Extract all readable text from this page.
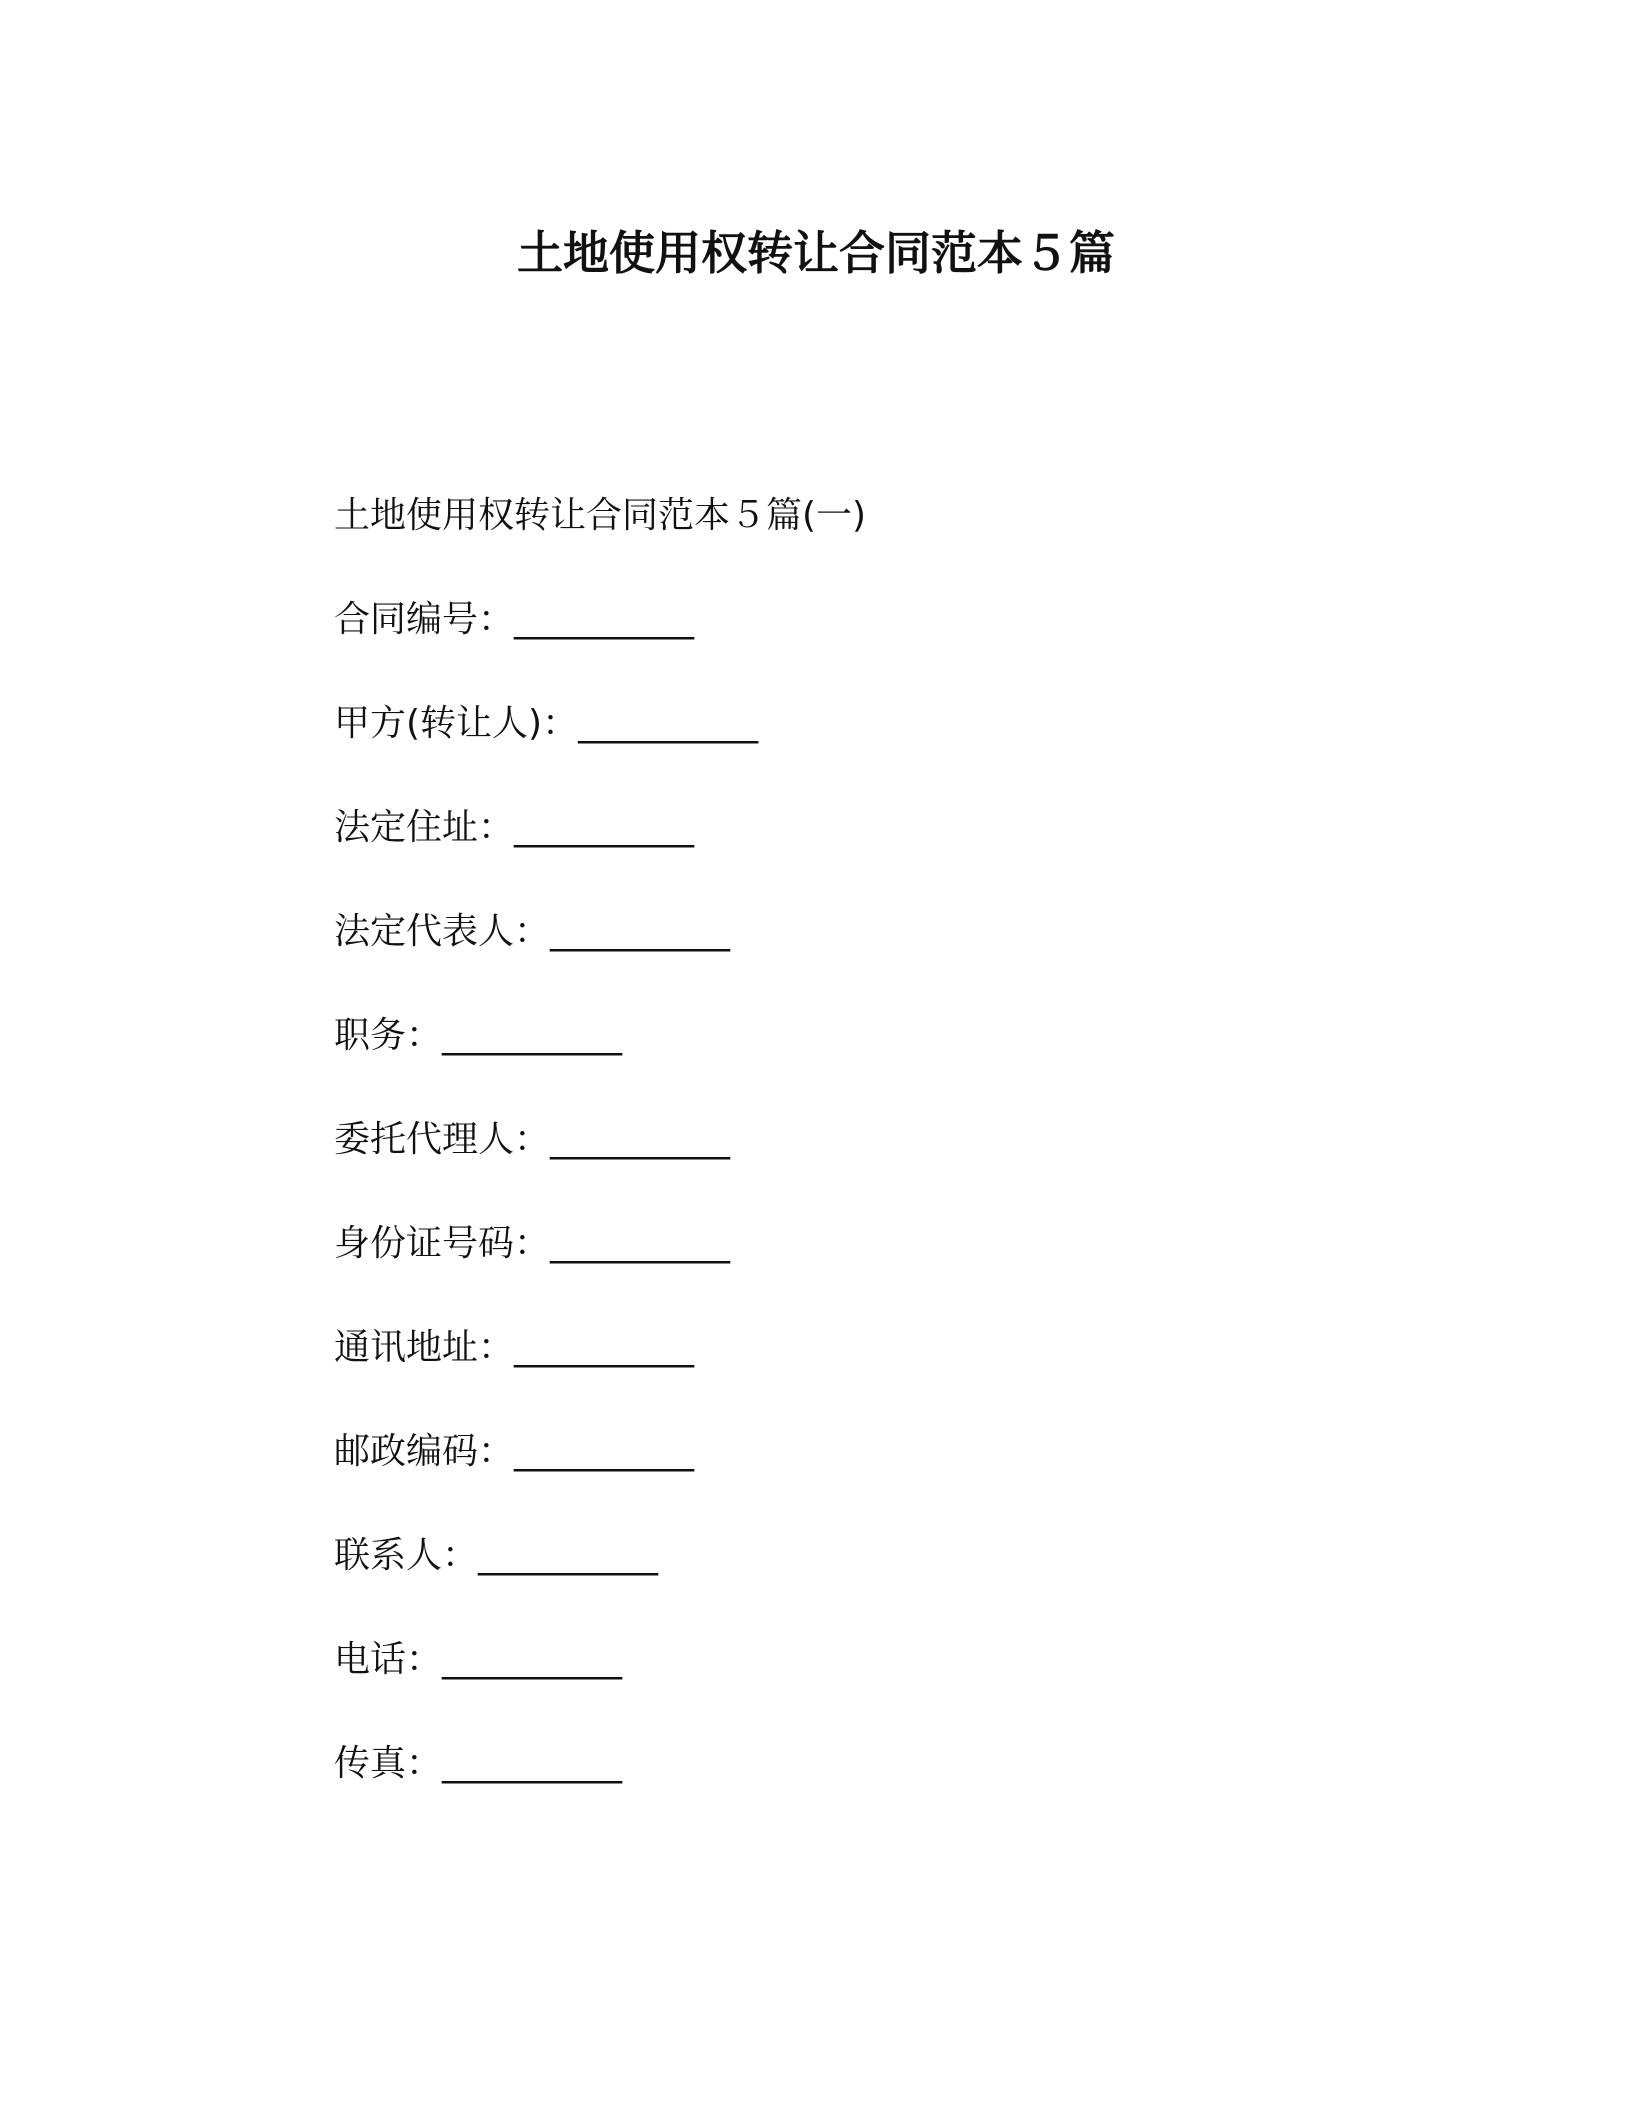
土地使用权转让合同范本５篇
土地使用权转让合同范本５篇(一)
合同编号：__________
甲方(转让人)：__________
法定住址：__________
法定代表人：__________
职务：__________
委托代理人：__________
身份证号码：__________
通讯地址：__________
邮政编码：__________
联系人：__________
电话：__________
传真：__________
